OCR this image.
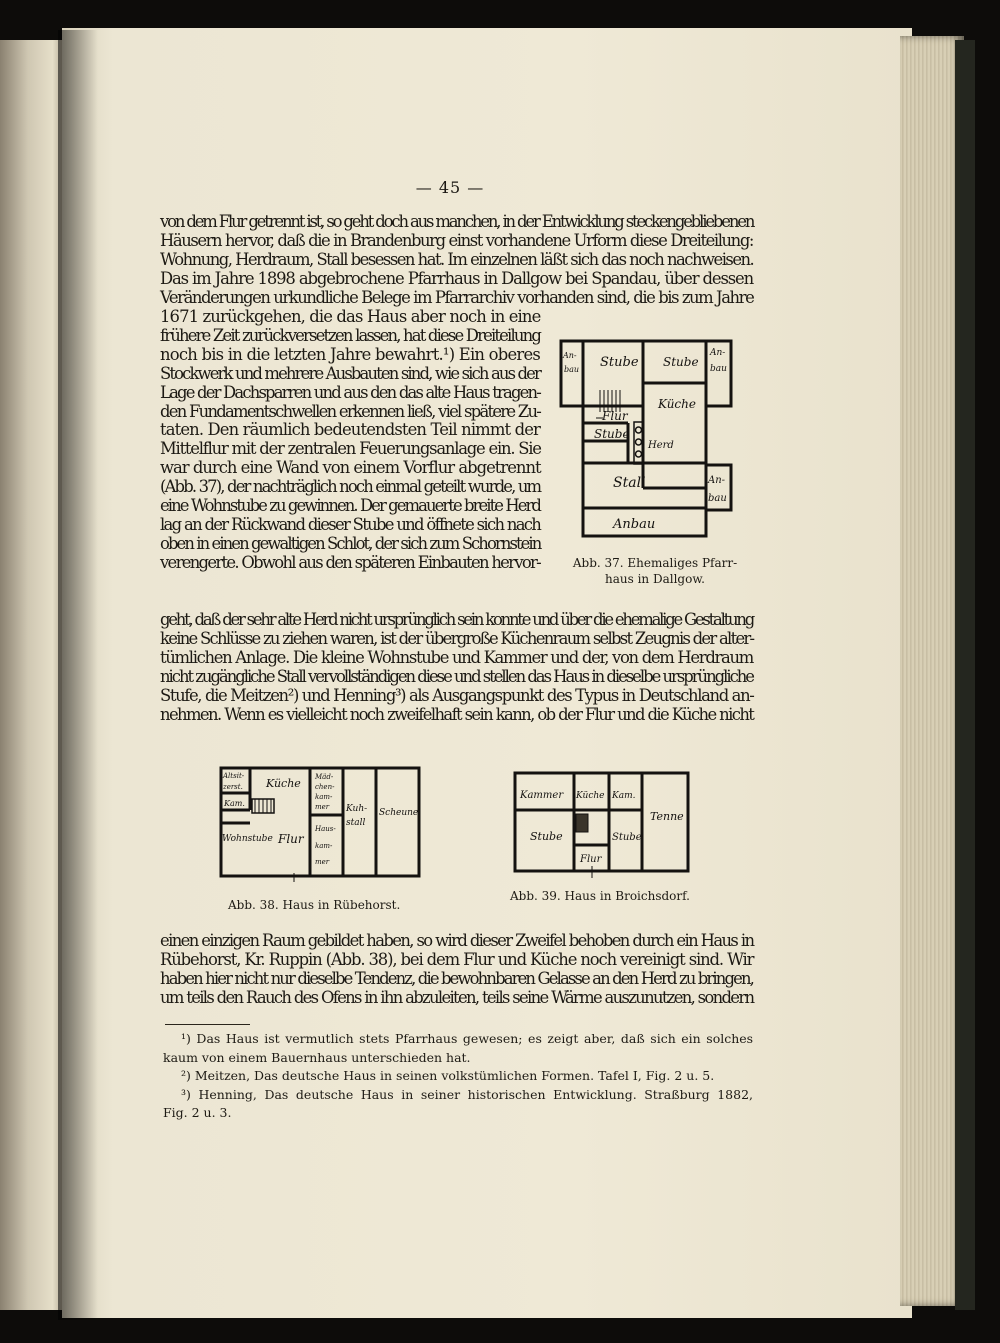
— 45 —
von dem Flur getrennt ist, so geht doch aus manchen, in der Entwicklung steckengebliebenen
Häusern hervor, daß die in Brandenburg einst vorhandene Urform diese Dreiteilung:
Wohnung, Herdraum, Stall besessen hat. Im einzelnen läßt sich das noch nachweisen.
Das im Jahre 1898 abgebrochene Pfarrhaus in Dallgow bei Spandau, über dessen
Veränderungen urkundliche Belege im Pfarrarchiv vorhanden sind, die bis zum Jahre
1671 zurückgehen, die das Haus aber noch in eine
frühere Zeit zurückversetzen lassen, hat diese Dreiteilung
noch bis in die letzten Jahre bewahrt.¹) Ein oberes
Stockwerk und mehrere Ausbauten sind, wie sich aus der
Lage der Dachsparren und aus den das alte Haus tragen-
den Fundamentschwellen erkennen ließ, viel spätere Zu-
taten. Den räumlich bedeutendsten Teil nimmt der
Mittelflur mit der zentralen Feuerungsanlage ein. Sie
war durch eine Wand von einem Vorflur abgetrennt
(Abb. 37), der nachträglich noch einmal geteilt wurde, um
eine Wohnstube zu gewinnen. Der gemauerte breite Herd
lag an der Rückwand dieser Stube und öffnete sich nach
oben in einen gewaltigen Schlot, der sich zum Schornstein
verengerte. Obwohl aus den späteren Einbauten hervor-
An-
bau Stube Stube
An-
bau
Flur
Küche
Stube
Herd
Stall	An-
bau
Anbau
Abb. 37. Ehemaliges Pfarr-
haus in Dallgow.
geht, daß der sehr alte Herd nicht ursprünglich sein konnte und über die ehemalige Gestaltung
keine Schlüsse zu ziehen waren, ist der übergroße Küchenraum selbst Zeugnis der alter-
tümlichen Anlage. Die kleine Wohnstube und Kammer und der, von dem Herdraum
nicht zugängliche Stall vervollständigen diese und stellen das Haus in dieselbe ursprüngliche
Stufe, die Meitzen²) und Henning³) als Ausgangspunkt des Typus in Deutschland an-
nehmen. Wenn es vielleicht noch zweifelhaft sein kann, ob der Flur und die Küche nicht
Altsit-
zerst. Küche
Kam.
Wohnstube Flur
Mäd-
chen-
kam-
mer
Haus-
kam-
mer
Kuh-
stall
Scheune
Abb. 38. Haus in Rübehorst.
Kammer Küche Kam.
Tenne
Stube	Stube
Flur
Abb. 39. Haus in Broichsdorf.
einen einzigen Raum gebildet haben, so wird dieser Zweifel behoben durch ein Haus in
Rübehorst, Kr. Ruppin (Abb. 38), bei dem Flur und Küche noch vereinigt sind. Wir
haben hier nicht nur dieselbe Tendenz, die bewohnbaren Gelasse an den Herd zu bringen,
um teils den Rauch des Ofens in ihn abzuleiten, teils seine Wärme auszunutzen, sondern
¹) Das Haus ist vermutlich stets Pfarrhaus gewesen; es zeigt aber, daß sich ein solches
kaum von einem Bauernhaus unterschieden hat.
²) Meitzen, Das deutsche Haus in seinen volkstümlichen Formen. Tafel I, Fig. 2 u. 5.
³) Henning, Das deutsche Haus in seiner historischen Entwicklung. Straßburg 1882,
Fig. 2 u. 3.
